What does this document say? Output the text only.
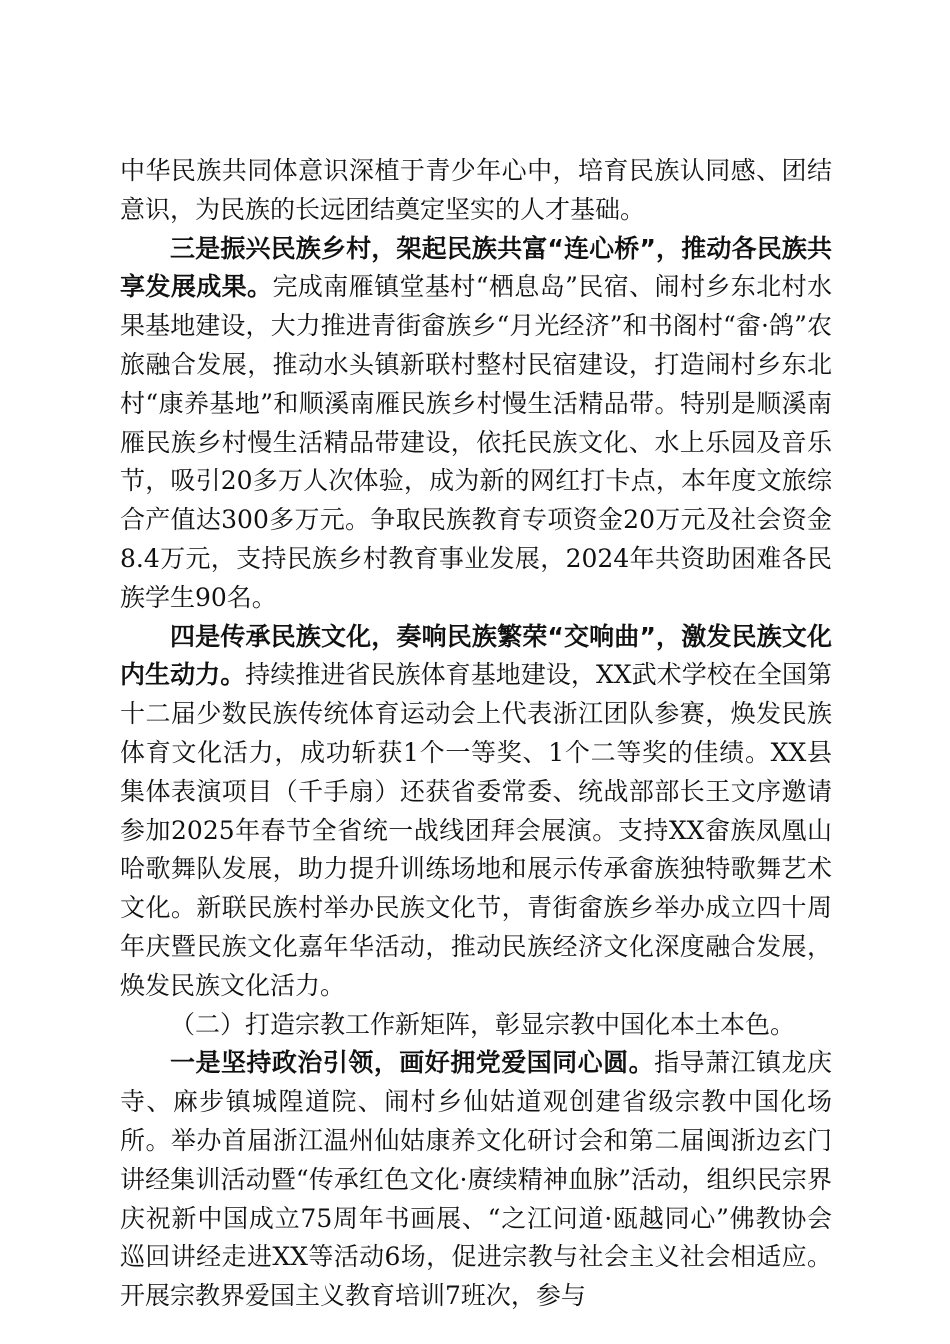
中华民族共同体意识深植于青少年心中，培育民族认同感、团结意识，为民族的长远团结奠定坚实的人才基础。

三是振兴民族乡村，架起民族共富“连心桥”，推动各民族共享发展成果。完成南雁镇堂基村“栖息岛”民宿、闹村乡东北村水果基地建设，大力推进青街畲族乡“月光经济”和书阁村“畲·鸽”农旅融合发展，推动水头镇新联村整村民宿建设，打造闹村乡东北村“康养基地”和顺溪南雁民族乡村慢生活精品带。特别是顺溪南雁民族乡村慢生活精品带建设，依托民族文化、水上乐园及音乐节，吸引20多万人次体验，成为新的网红打卡点，本年度文旅综合产值达300多万元。争取民族教育专项资金20万元及社会资金8.4万元，支持民族乡村教育事业发展，2024年共资助困难各民族学生90名。

四是传承民族文化，奏响民族繁荣“交响曲”，激发民族文化内生动力。持续推进省民族体育基地建设，XX武术学校在全国第十二届少数民族传统体育运动会上代表浙江团队参赛，焕发民族体育文化活力，成功斩获1个一等奖、1个二等奖的佳绩。XX县集体表演项目（千手扇）还获省委常委、统战部部长王文序邀请参加2025年春节全省统一战线团拜会展演。支持XX畲族凤凰山哈歌舞队发展，助力提升训练场地和展示传承畲族独特歌舞艺术文化。新联民族村举办民族文化节，青街畲族乡举办成立四十周年庆暨民族文化嘉年华活动，推动民族经济文化深度融合发展，焕发民族文化活力。

（二）打造宗教工作新矩阵，彰显宗教中国化本土本色。

一是坚持政治引领，画好拥党爱国同心圆。指导萧江镇龙庆寺、麻步镇城隍道院、闹村乡仙姑道观创建省级宗教中国化场所。举办首届浙江温州仙姑康养文化研讨会和第二届闽浙边玄门讲经集训活动暨“传承红色文化·赓续精神血脉”活动，组织民宗界庆祝新中国成立75周年书画展、“之江问道·瓯越同心”佛教协会巡回讲经走进XX等活动6场，促进宗教与社会主义社会相适应。开展宗教界爱国主义教育培训7班次，参与
